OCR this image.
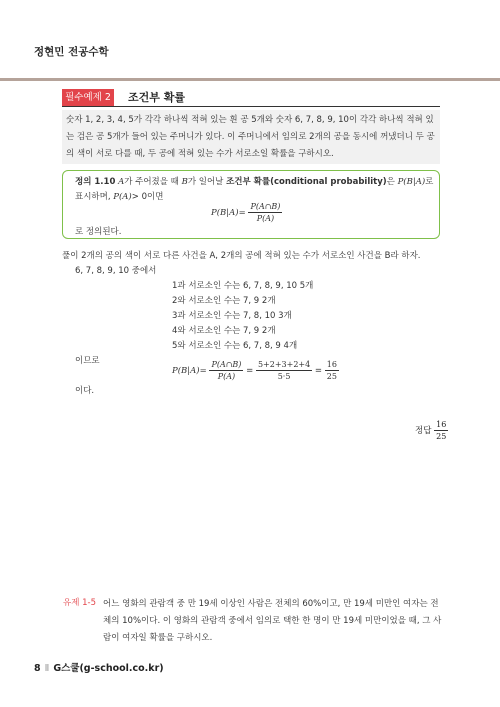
정현민 전공수학
필수예제 2 조건부 확률
숫자 1, 2, 3, 4, 5가 각각 하나씩 적혀 있는 흰 공 5개와 숫자 6, 7, 8, 9, 10이 각각 하나씩 적혀 있는 검은 공 5개가 들어 있는 주머니가 있다. 이 주머니에서 임의로 2개의 공을 동시에 꺼냈더니 두 공의 색이 서로 다를 때, 두 공에 적혀 있는 수가 서로소일 확률을 구하시오.
정의 1.10 A가 주어졌을 때 B가 일어날 조건부 확률(conditional probability)은 P(B|A)로
표시하며, P(A)> 0이면
$P(B|A)= \frac{P(A\cap B)}{P(A)}$
로 정의된다.
풀이 2개의 공의 색이 서로 다른 사건을 A, 2개의 공에 적혀 있는 수가 서로소인 사건을 B라 하자.
6, 7, 8, 9, 10 중에서
1과 서로소인 수는 6, 7, 8, 9, 10 5개
2와 서로소인 수는 7, 9 2개
3과 서로소인 수는 7, 8, 10 3개
4와 서로소인 수는 7, 9 2개
5와 서로소인 수는 6, 7, 8, 9 4개
이므로
$P(B|A)= \frac{P(A\cap B)}{P(A)} = \frac{5+2+3+2+4}{5\cdot 5} = \frac{16}{25}$
이다.
정답 $\frac{16}{25}$
유제 1-5 어느 영화의 관람객 중 만 19세 이상인 사람은 전체의 60%이고, 만 19세 미만인 여자는 전체의 10%이다. 이 영화의 관람객 중에서 임의로 택한 한 명이 만 19세 미만이었을 때, 그 사람이 여자일 확률을 구하시오.
8 Ⅱ G스쿨(g-school.co.kr)
